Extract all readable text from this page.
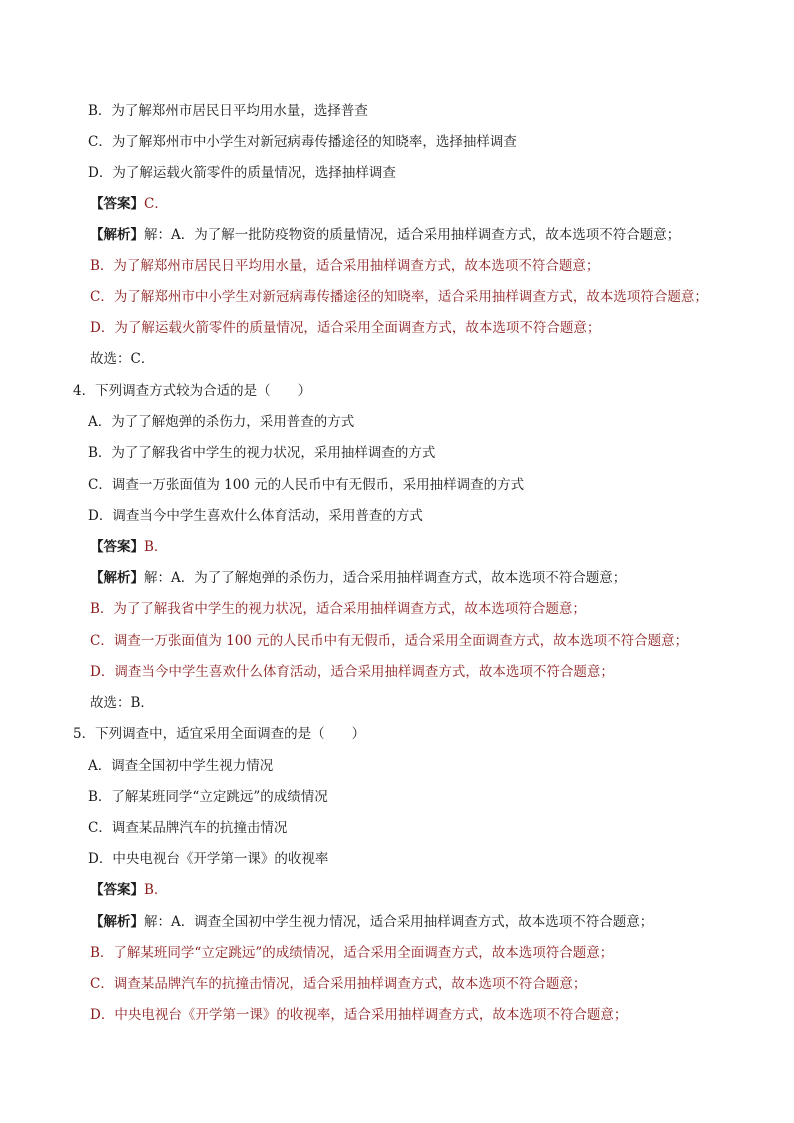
B．为了解郑州市居民日平均用水量，选择普查
C．为了解郑州市中小学生对新冠病毒传播途径的知晓率，选择抽样调查
D．为了解运载火箭零件的质量情况，选择抽样调查
【答案】C．
【解析】解：A．为了解一批防疫物资的质量情况，适合采用抽样调查方式，故本选项不符合题意；
B．为了解郑州市居民日平均用水量，适合采用抽样调查方式，故本选项不符合题意；
C．为了解郑州市中小学生对新冠病毒传播途径的知晓率，适合采用抽样调查方式，故本选项符合题意；
D．为了解运载火箭零件的质量情况，适合采用全面调查方式，故本选项不符合题意；
故选：C．
4．下列调查方式较为合适的是（　　）
A．为了了解炮弹的杀伤力，采用普查的方式
B．为了了解我省中学生的视力状况，采用抽样调查的方式
C．调查一万张面值为 100 元的人民币中有无假币，采用抽样调查的方式
D．调查当今中学生喜欢什么体育活动，采用普查的方式
【答案】B．
【解析】解：A．为了了解炮弹的杀伤力，适合采用抽样调查方式，故本选项不符合题意；
B．为了了解我省中学生的视力状况，适合采用抽样调查方式，故本选项符合题意；
C．调查一万张面值为 100 元的人民币中有无假币，适合采用全面调查方式，故本选项不符合题意；
D．调查当今中学生喜欢什么体育活动，适合采用抽样调查方式，故本选项不符合题意；
故选：B．
5．下列调查中，适宜采用全面调查的是（　　）
A．调查全国初中学生视力情况
B．了解某班同学“立定跳远”的成绩情况
C．调查某品牌汽车的抗撞击情况
D．中央电视台《开学第一课》的收视率
【答案】B．
【解析】解：A．调查全国初中学生视力情况，适合采用抽样调查方式，故本选项不符合题意；
B．了解某班同学“立定跳远”的成绩情况，适合采用全面调查方式，故本选项符合题意；
C．调查某品牌汽车的抗撞击情况，适合采用抽样调查方式，故本选项不符合题意；
D．中央电视台《开学第一课》的收视率，适合采用抽样调查方式，故本选项不符合题意；
